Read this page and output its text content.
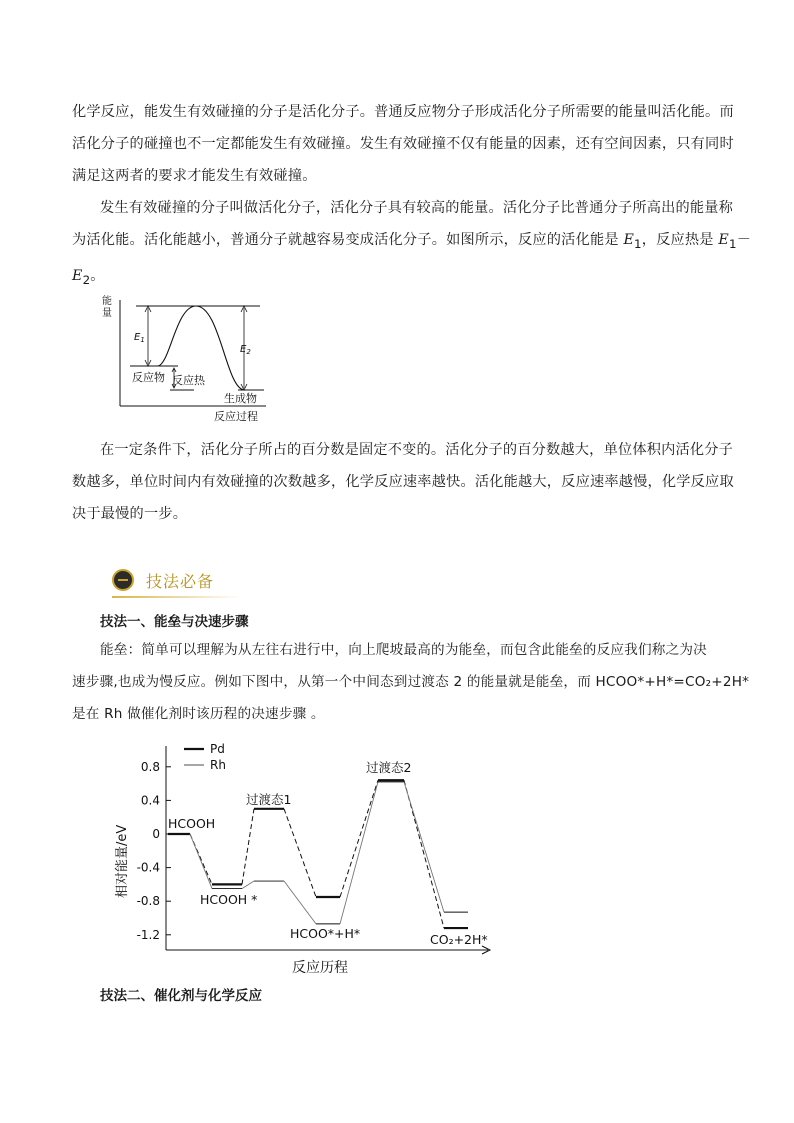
化学反应，能发生有效碰撞的分子是活化分子。普通反应物分子形成活化分子所需要的能量叫活化能。而
活化分子的碰撞也不一定都能发生有效碰撞。发生有效碰撞不仅有能量的因素，还有空间因素，只有同时
满足这两者的要求才能发生有效碰撞。
发生有效碰撞的分子叫做活化分子，活化分子具有较高的能量。活化分子比普通分子所高出的能量称
为活化能。活化能越小，普通分子就越容易变成活化分子。如图所示，反应的活化能是 $E_1$，反应热是 $E_1-$
$E_2$。
能
量
$E_1$
$E_2$
反应物 反应热
生成物
反应过程
在一定条件下，活化分子所占的百分数是固定不变的。活化分子的百分数越大，单位体积内活化分子
数越多，单位时间内有效碰撞的次数越多，化学反应速率越快。活化能越大，反应速率越慢，化学反应取
决于最慢的一步。
技法必备

技法一、能垒与决速步骤

能垒：简单可以理解为从左往右进行中，向上爬坡最高的为能垒，而包含此能垒的反应我们称之为决
速步骤,也成为慢反应。例如下图中，从第一个中间态到过渡态 2 的能量就是能垒，而 HCOO*+H*=CO₂+2H*
是在 Rh 做催化剂时该历程的决速步骤 。
相对能量/eV
反应历程
Pd
Rh
0.8
0.4
0
-0.4
-0.8
-1.2
HCOOH
HCOOH *
过渡态1
HCOO*+H*
过渡态2
CO₂+2H*

技法二、催化剂与化学反应
